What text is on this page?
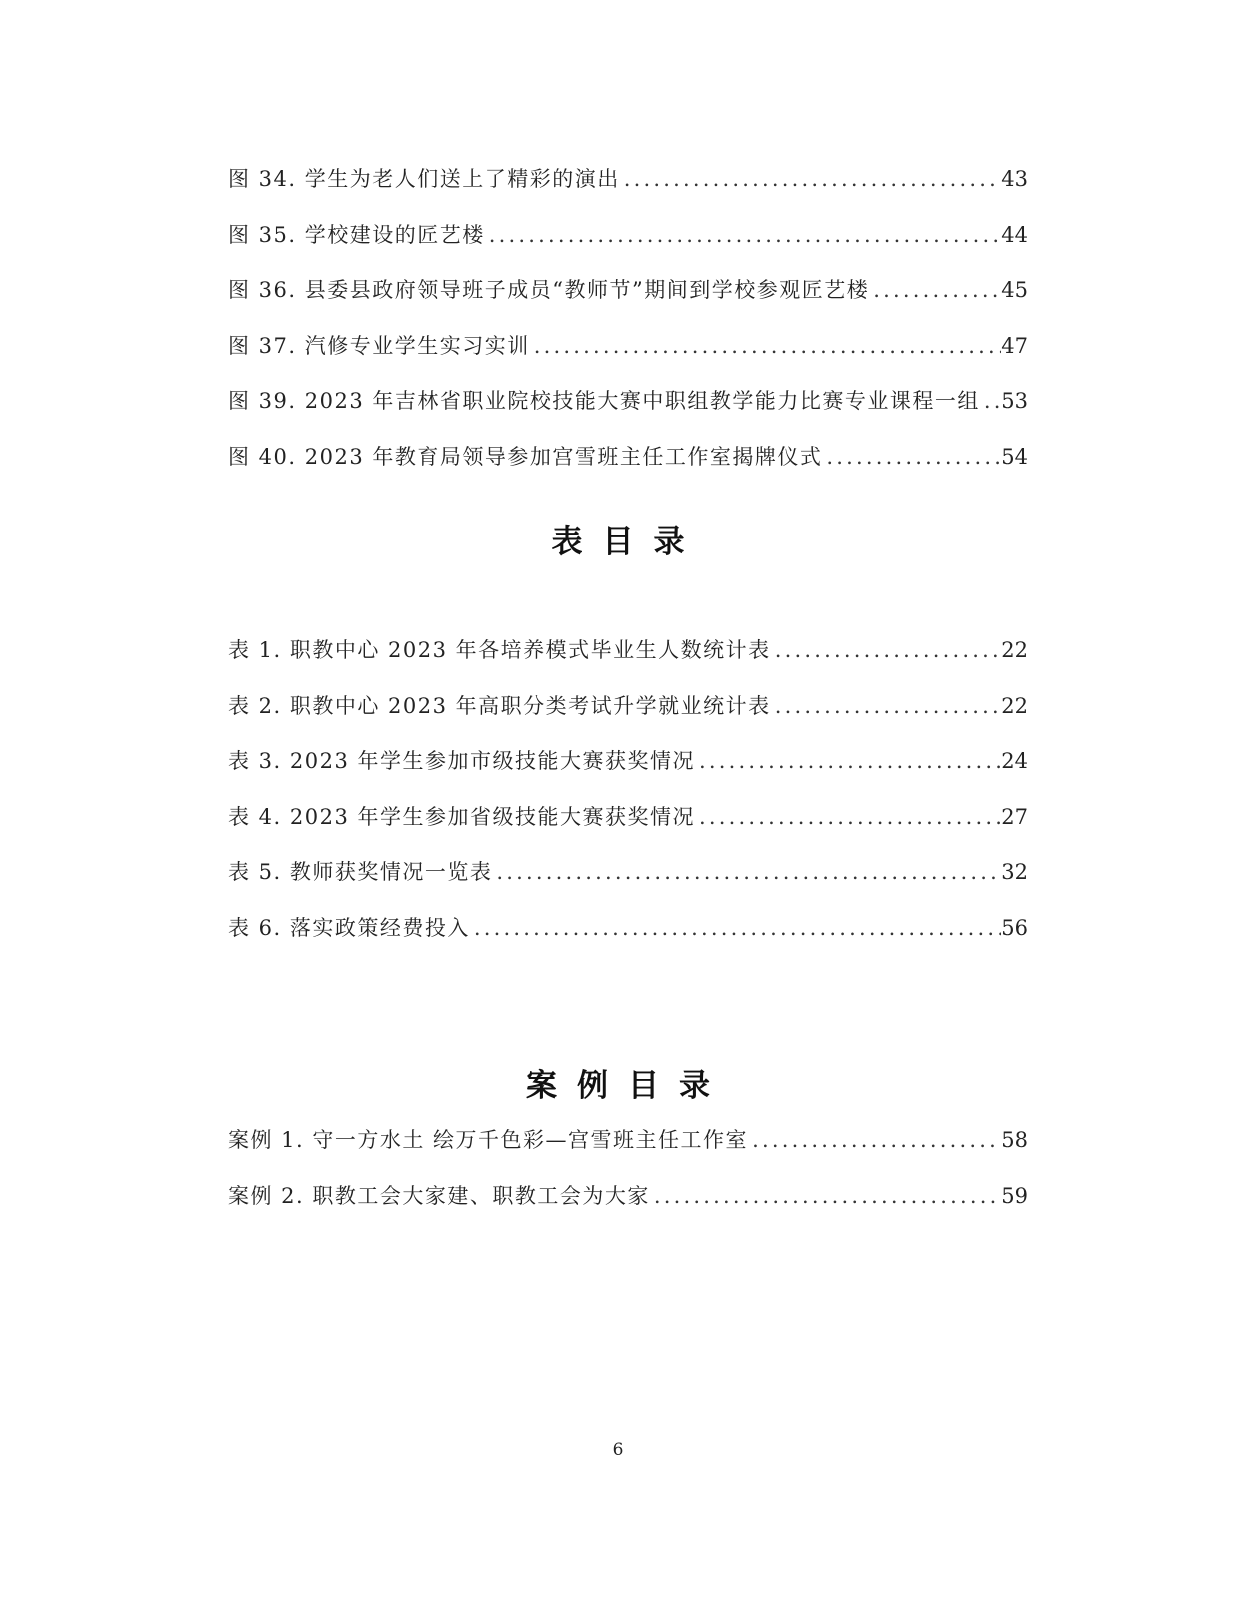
图 34. 学生为老人们送上了精彩的演出 .....	43
图 35. 学校建设的匠艺楼 .....	44
图 36. 县委县政府领导班子成员“教师节”期间到学校参观匠艺楼 .....	45
图 37. 汽修专业学生实习实训 .....	47
图 39. 2023 年吉林省职业院校技能大赛中职组教学能力比赛专业课程一组 ..... 53
图 40. 2023 年教育局领导参加宫雪班主任工作室揭牌仪式 .....	54
表目录
表 1. 职教中心 2023 年各培养模式毕业生人数统计表 .....	22
表 2. 职教中心 2023 年高职分类考试升学就业统计表 .....	22
表 3. 2023 年学生参加市级技能大赛获奖情况 .....	24
表 4. 2023 年学生参加省级技能大赛获奖情况 .....	27
表 5. 教师获奖情况一览表 .....	32
表 6. 落实政策经费投入 .....	56
案例目录
案例 1. 守一方水土 绘万千色彩—宫雪班主任工作室 .....	58
案例 2. 职教工会大家建、职教工会为大家 .....	59
6
